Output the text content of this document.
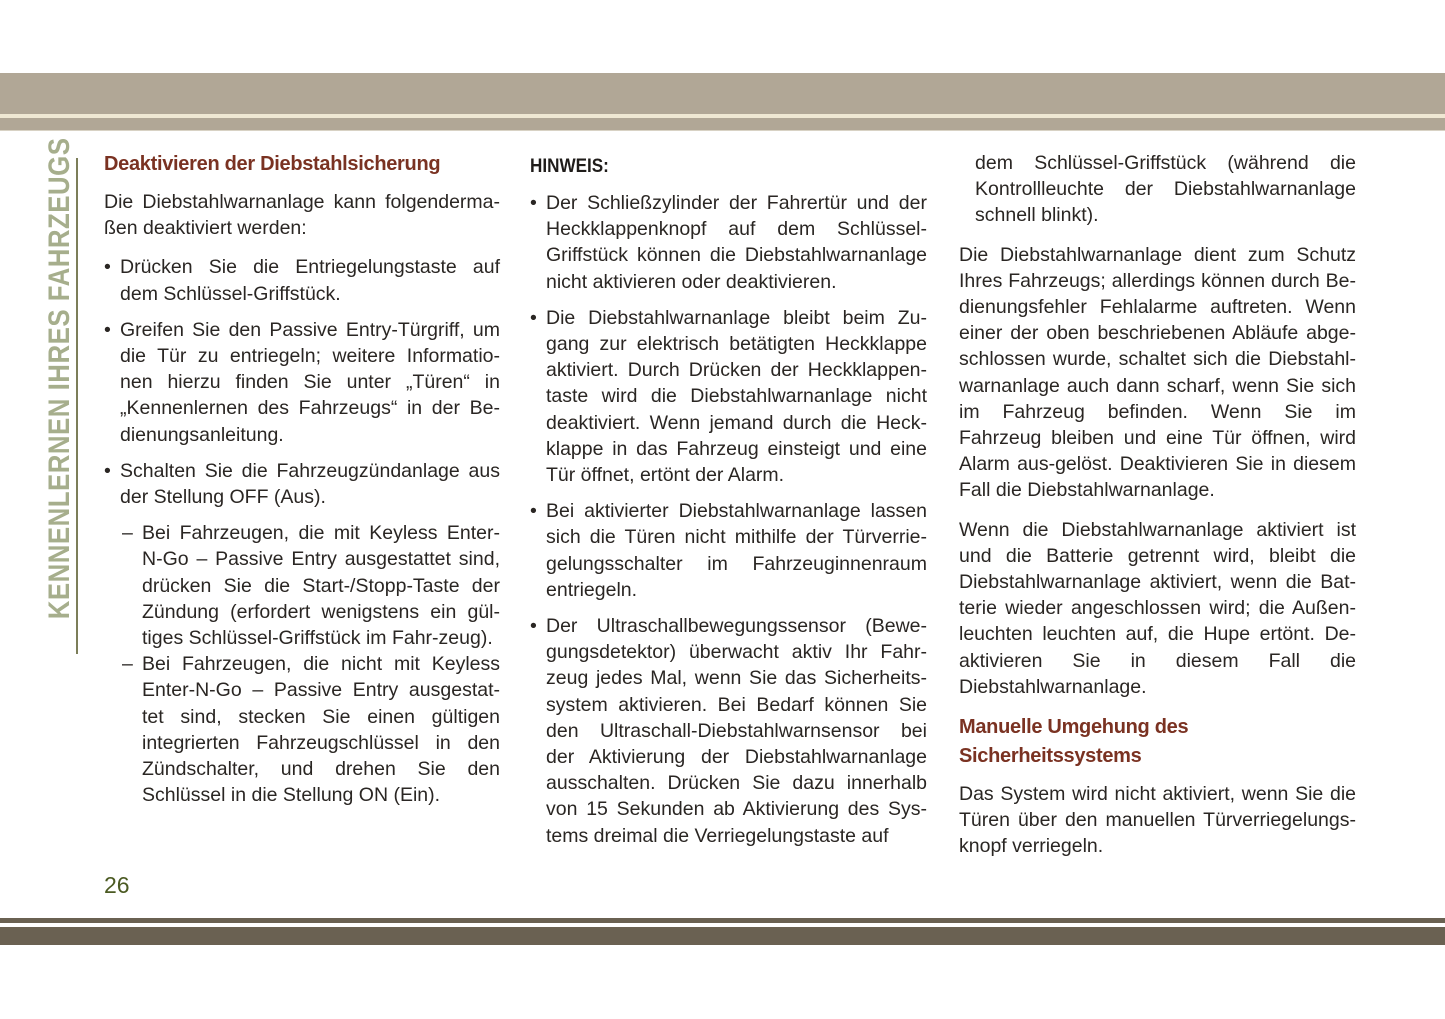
KENNENLERNEN IHRES FAHRZEUGS Deaktivieren der Diebstahlsicherung

Die Diebstahlwarnanlage kann folgenderma-ßen deaktiviert werden:

• Drücken Sie die Entriegelungstaste auf dem Schlüssel-Griffstück.
• Greifen Sie den Passive Entry-Türgriff, um die Tür zu entriegeln; weitere Informatio-nen hierzu finden Sie unter „Türen“ in „Kennenlernen des Fahrzeugs“ in der Be-dienungsanleitung.
• Schalten Sie die Fahrzeugzündanlage aus der Stellung OFF (Aus).
– Bei Fahrzeugen, die mit Keyless Enter-N-Go – Passive Entry ausgestattet sind, drücken Sie die Start-/Stopp-Taste der Zündung (erfordert wenigstens ein gül-tiges Schlüssel-Griffstück im Fahr-zeug).
– Bei Fahrzeugen, die nicht mit Keyless Enter-N-Go – Passive Entry ausgestat-tet sind, stecken Sie einen gültigen integrierten Fahrzeugschlüssel in den Zündschalter, und drehen Sie den Schlüssel in die Stellung ON (Ein).
HINWEIS:
• Der Schließzylinder der Fahrertür und der Heckklappenknopf auf dem Schlüssel-Griffstück können die Diebstahlwarnanlage nicht aktivieren oder deaktivieren.
• Die Diebstahlwarnanlage bleibt beim Zu-gang zur elektrisch betätigten Heckklappe aktiviert. Durch Drücken der Heckklappen-taste wird die Diebstahlwarnanlage nicht deaktiviert. Wenn jemand durch die Heck-klappe in das Fahrzeug einsteigt und eine Tür öffnet, ertönt der Alarm.
• Bei aktivierter Diebstahlwarnanlage lassen sich die Türen nicht mithilfe der Türverrie-gelungsschalter im Fahrzeuginnenraum entriegeln.
• Der Ultraschallbewegungssensor (Bewe-gungsdetektor) überwacht aktiv Ihr Fahr-zeug jedes Mal, wenn Sie das Sicherheits-system aktivieren. Bei Bedarf können Sie den Ultraschall-Diebstahlwarnsensor bei der Aktivierung der Diebstahlwarnanlage ausschalten. Drücken Sie dazu innerhalb von 15 Sekunden ab Aktivierung des Sys-tems dreimal die Verriegelungstaste auf
dem Schlüssel-Griffstück (während die Kontrollleuchte der Diebstahlwarnanlage schnell blinkt).

Die Diebstahlwarnanlage dient zum Schutz Ihres Fahrzeugs; allerdings können durch Be-dienungsfehler Fehlalarme auftreten. Wenn einer der oben beschriebenen Abläufe abge-schlossen wurde, schaltet sich die Diebstahl-warnanlage auch dann scharf, wenn Sie sich im Fahrzeug befinden. Wenn Sie im Fahrzeug bleiben und eine Tür öffnen, wird Alarm aus-gelöst. Deaktivieren Sie in diesem Fall die Diebstahlwarnanlage.

Wenn die Diebstahlwarnanlage aktiviert ist und die Batterie getrennt wird, bleibt die Diebstahlwarnanlage aktiviert, wenn die Bat-terie wieder angeschlossen wird; die Außen-leuchten leuchten auf, die Hupe ertönt. De-aktivieren Sie in diesem Fall die Diebstahlwarnanlage.

Manuelle Umgehung des Sicherheitssystems

Das System wird nicht aktiviert, wenn Sie die Türen über den manuellen Türverriegelungs-knopf verriegeln.

26
